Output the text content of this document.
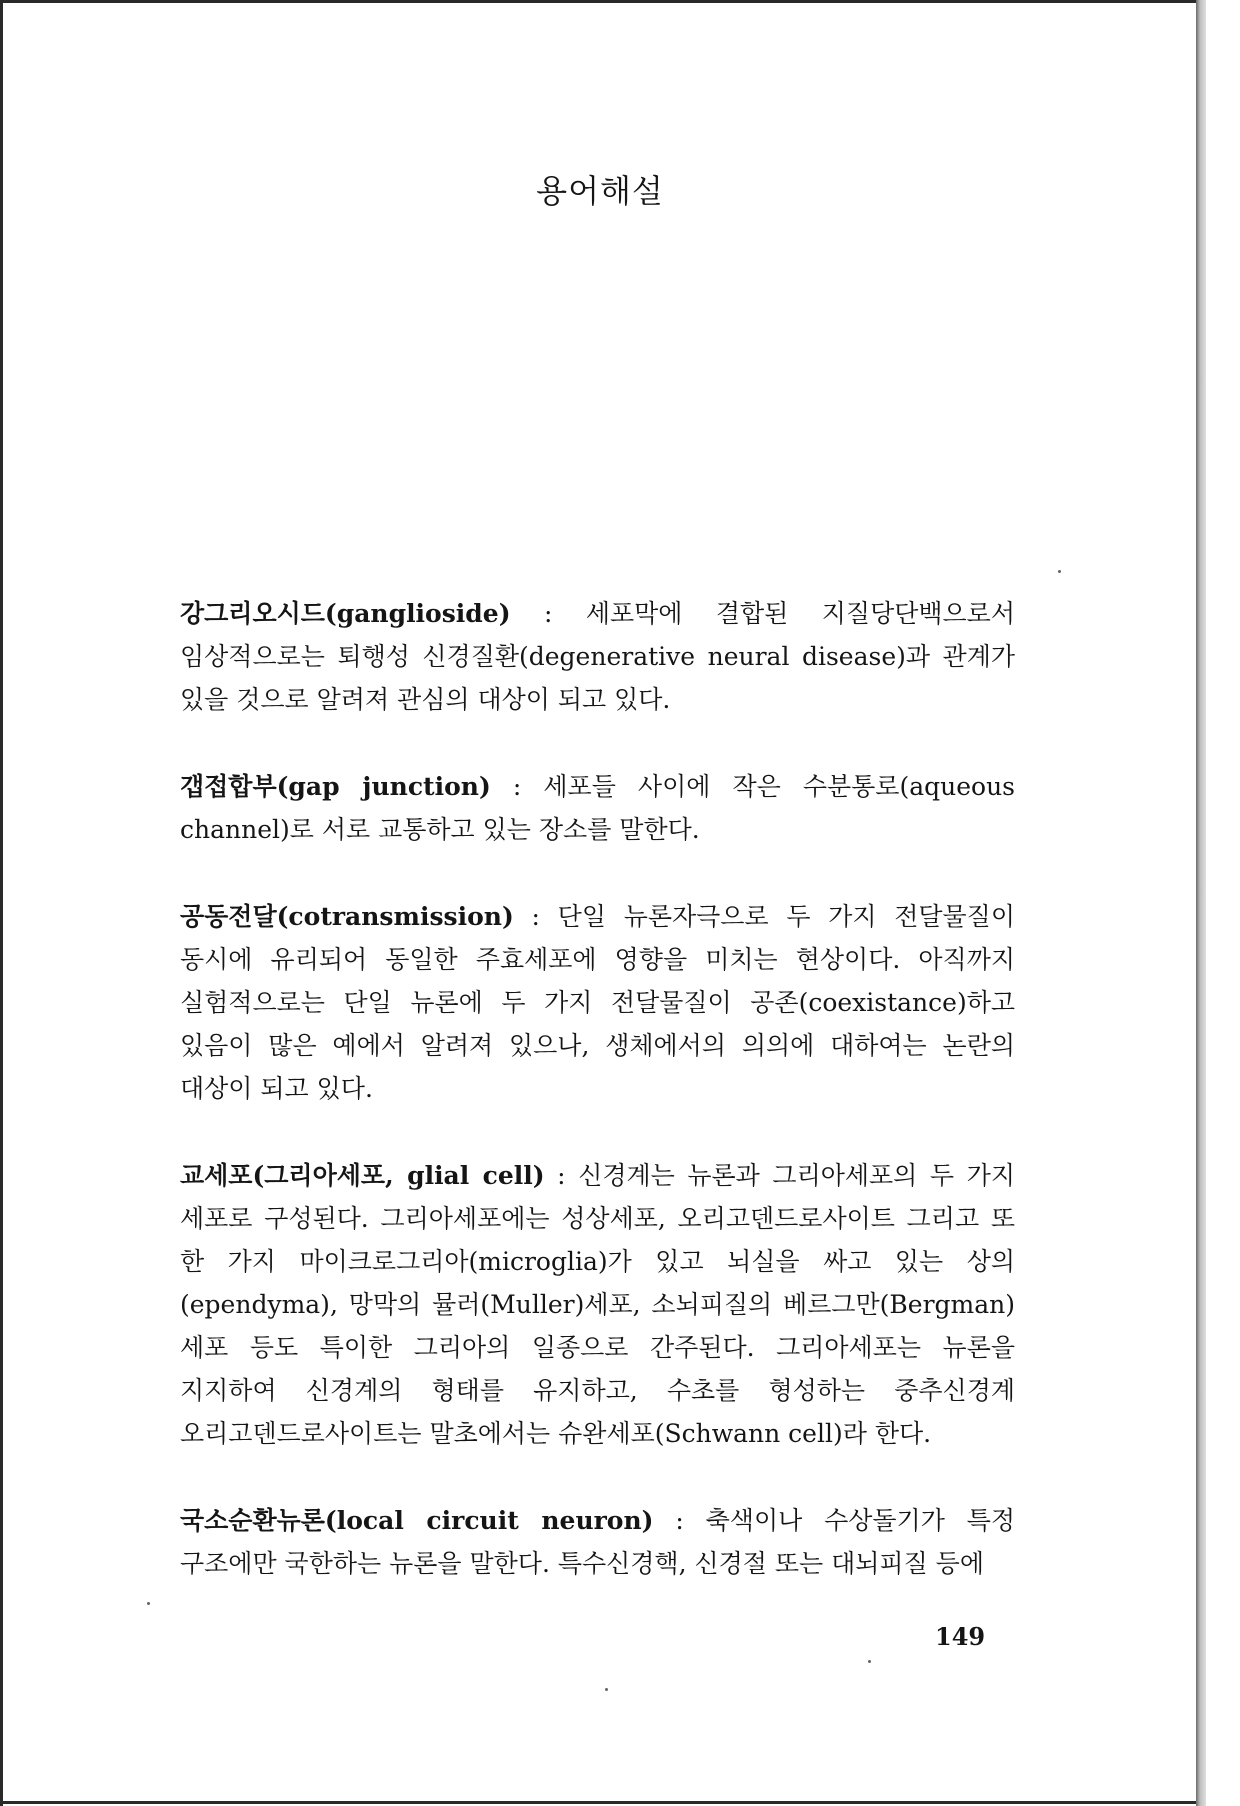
용어해설

강그리오시드(ganglioside) : 세포막에 결합된 지질당단백으로서 임상적으로는 퇴행성 신경질환(degenerative neural disease)과 관계가 있을 것으로 알려져 관심의 대상이 되고 있다.

갭접합부(gap junction) : 세포들 사이에 작은 수분통로(aqueous channel)로 서로 교통하고 있는 장소를 말한다.

공동전달(cotransmission) : 단일 뉴론자극으로 두 가지 전달물질이 동시에 유리되어 동일한 주효세포에 영향을 미치는 현상이다. 아직까지 실험적으로는 단일 뉴론에 두 가지 전달물질이 공존(coexistance)하고 있음이 많은 예에서 알려져 있으나, 생체에서의 의의에 대하여는 논란의 대상이 되고 있다.

교세포(그리아세포, glial cell) : 신경계는 뉴론과 그리아세포의 두 가지 세포로 구성된다. 그리아세포에는 성상세포, 오리고덴드로사이트 그리고 또 한 가지 마이크로그리아(microglia)가 있고 뇌실을 싸고 있는 상의(ependyma), 망막의 뮬러(Muller)세포, 소뇌피질의 베르그만(Bergman)세포 등도 특이한 그리아의 일종으로 간주된다. 그리아세포는 뉴론을 지지하여 신경계의 형태를 유지하고, 수초를 형성하는 중추신경계 오리고덴드로사이트는 말초에서는 슈완세포(Schwann cell)라 한다.

국소순환뉴론(local circuit neuron) : 축색이나 수상돌기가 특정 구조에만 국한하는 뉴론을 말한다. 특수신경핵, 신경절 또는 대뇌피질 등에

149
